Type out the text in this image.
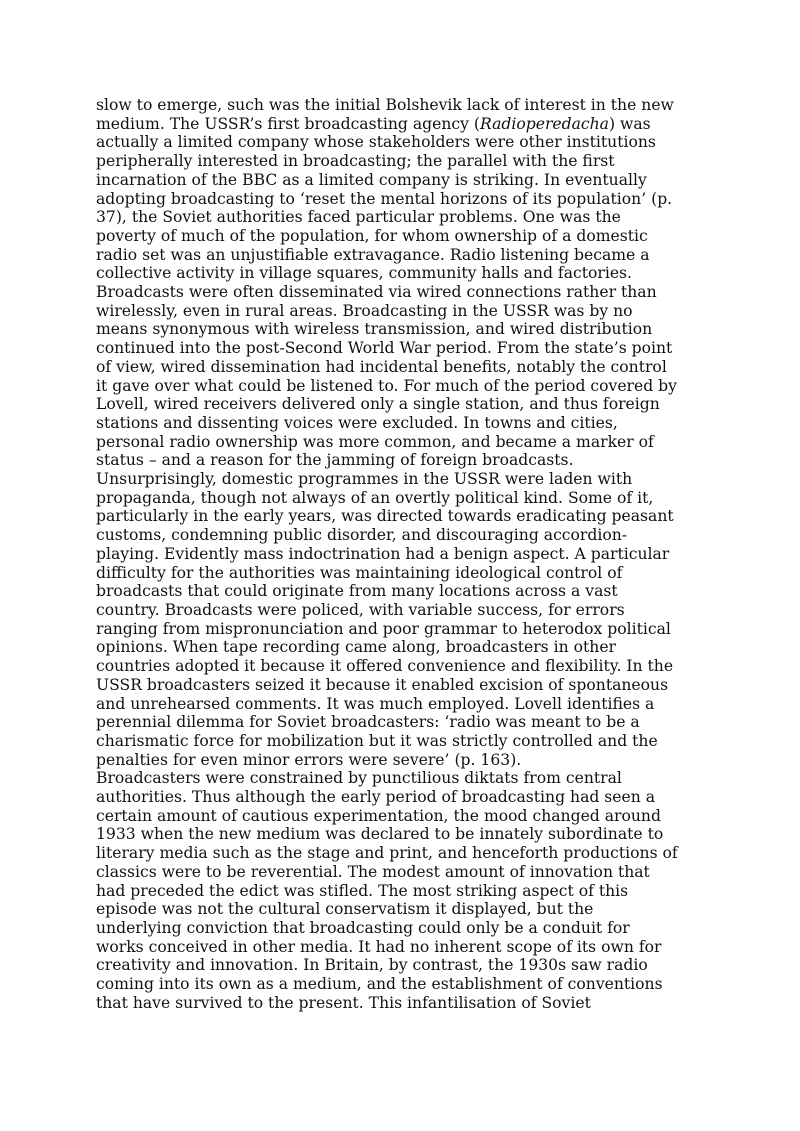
slow to emerge, such was the initial Bolshevik lack of interest in the new
medium. The USSR’s first broadcasting agency (Radioperedacha) was
actually a limited company whose stakeholders were other institutions
peripherally interested in broadcasting; the parallel with the first
incarnation of the BBC as a limited company is striking. In eventually
adopting broadcasting to ‘reset the mental horizons of its population’ (p.
37), the Soviet authorities faced particular problems. One was the
poverty of much of the population, for whom ownership of a domestic
radio set was an unjustifiable extravagance. Radio listening became a
collective activity in village squares, community halls and factories.
Broadcasts were often disseminated via wired connections rather than
wirelessly, even in rural areas. Broadcasting in the USSR was by no
means synonymous with wireless transmission, and wired distribution
continued into the post-Second World War period. From the state’s point
of view, wired dissemination had incidental benefits, notably the control
it gave over what could be listened to. For much of the period covered by
Lovell, wired receivers delivered only a single station, and thus foreign
stations and dissenting voices were excluded. In towns and cities,
personal radio ownership was more common, and became a marker of
status – and a reason for the jamming of foreign broadcasts.
Unsurprisingly, domestic programmes in the USSR were laden with
propaganda, though not always of an overtly political kind. Some of it,
particularly in the early years, was directed towards eradicating peasant
customs, condemning public disorder, and discouraging accordion-
playing. Evidently mass indoctrination had a benign aspect. A particular
difficulty for the authorities was maintaining ideological control of
broadcasts that could originate from many locations across a vast
country. Broadcasts were policed, with variable success, for errors
ranging from mispronunciation and poor grammar to heterodox political
opinions. When tape recording came along, broadcasters in other
countries adopted it because it offered convenience and flexibility. In the
USSR broadcasters seized it because it enabled excision of spontaneous
and unrehearsed comments. It was much employed. Lovell identifies a
perennial dilemma for Soviet broadcasters: ‘radio was meant to be a
charismatic force for mobilization but it was strictly controlled and the
penalties for even minor errors were severe’ (p. 163).
Broadcasters were constrained by punctilious diktats from central
authorities. Thus although the early period of broadcasting had seen a
certain amount of cautious experimentation, the mood changed around
1933 when the new medium was declared to be innately subordinate to
literary media such as the stage and print, and henceforth productions of
classics were to be reverential. The modest amount of innovation that
had preceded the edict was stifled. The most striking aspect of this
episode was not the cultural conservatism it displayed, but the
underlying conviction that broadcasting could only be a conduit for
works conceived in other media. It had no inherent scope of its own for
creativity and innovation. In Britain, by contrast, the 1930s saw radio
coming into its own as a medium, and the establishment of conventions
that have survived to the present. This infantilisation of Soviet
